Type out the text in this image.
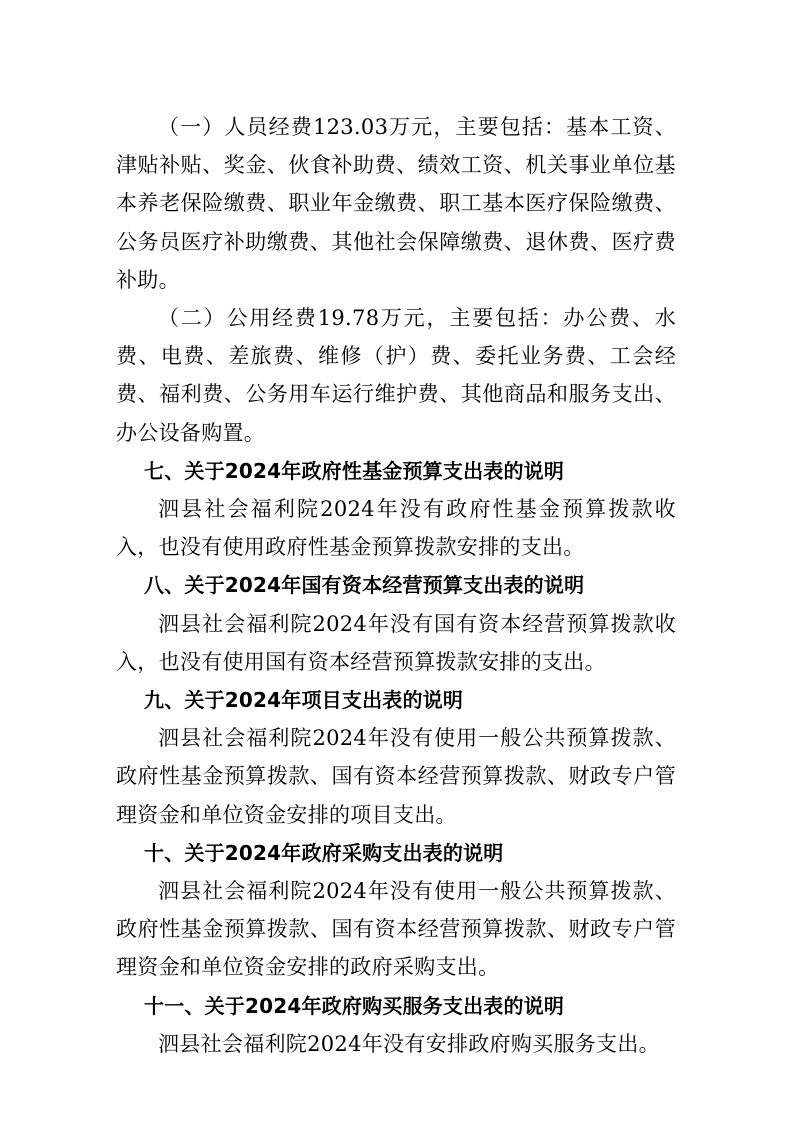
（一）人员经费123.03万元，主要包括：基本工资、津贴补贴、奖金、伙食补助费、绩效工资、机关事业单位基本养老保险缴费、职业年金缴费、职工基本医疗保险缴费、公务员医疗补助缴费、其他社会保障缴费、退休费、医疗费补助。

（二）公用经费19.78万元，主要包括：办公费、水费、电费、差旅费、维修（护）费、委托业务费、工会经费、福利费、公务用车运行维护费、其他商品和服务支出、办公设备购置。

七、关于2024年政府性基金预算支出表的说明

泗县社会福利院2024年没有政府性基金预算拨款收入，也没有使用政府性基金预算拨款安排的支出。

八、关于2024年国有资本经营预算支出表的说明

泗县社会福利院2024年没有国有资本经营预算拨款收入，也没有使用国有资本经营预算拨款安排的支出。

九、关于2024年项目支出表的说明

泗县社会福利院2024年没有使用一般公共预算拨款、政府性基金预算拨款、国有资本经营预算拨款、财政专户管理资金和单位资金安排的项目支出。

十、关于2024年政府采购支出表的说明

泗县社会福利院2024年没有使用一般公共预算拨款、政府性基金预算拨款、国有资本经营预算拨款、财政专户管理资金和单位资金安排的政府采购支出。

十一、关于2024年政府购买服务支出表的说明

泗县社会福利院2024年没有安排政府购买服务支出。
